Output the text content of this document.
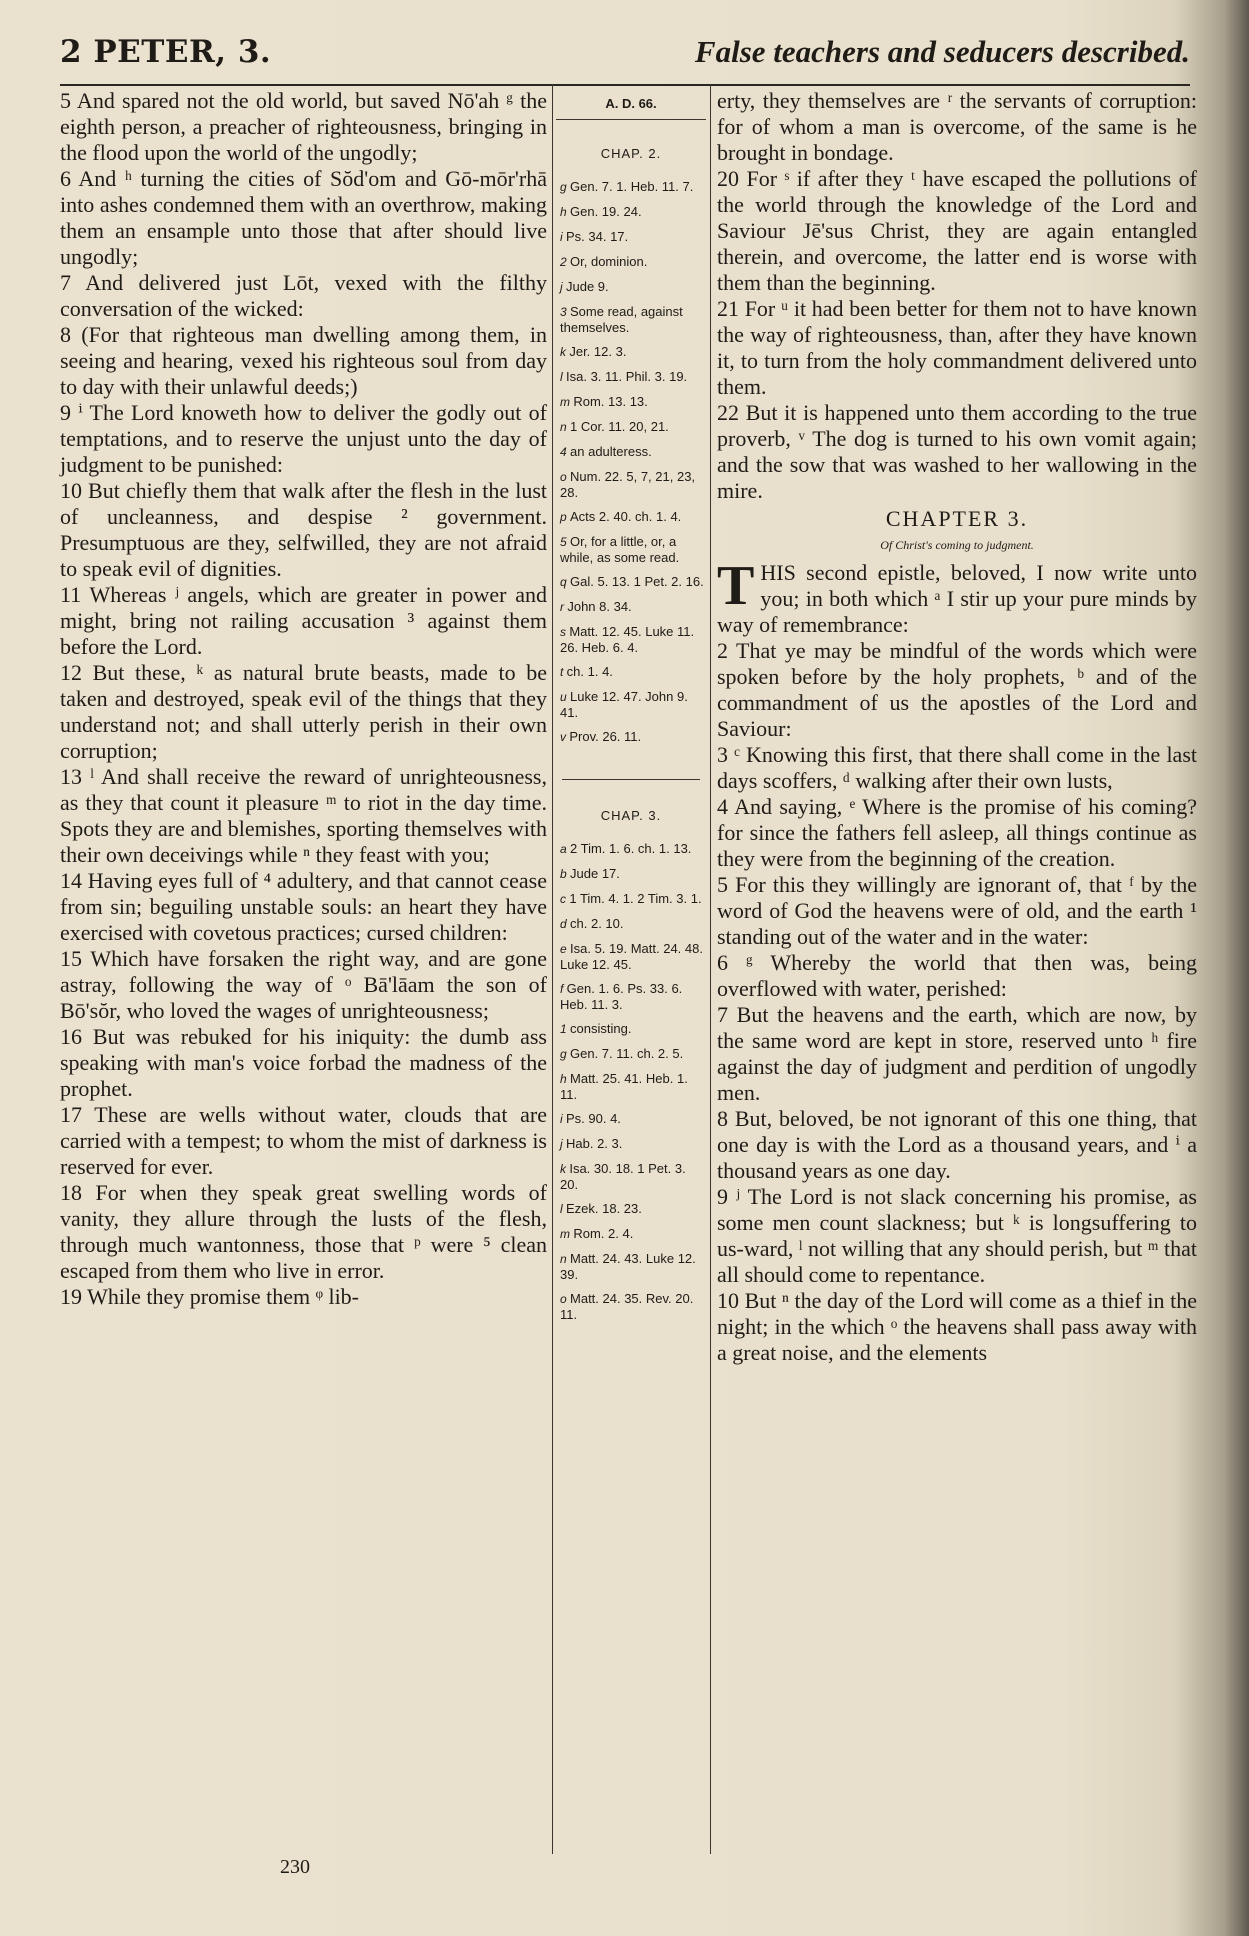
2 PETER, 3.	False teachers and seducers described.

5 And spared not the old world, but saved Nō'ah ᵍ the eighth person, a preacher of righteousness, bringing in the flood upon the world of the ungodly;

6 And ʰ turning the cities of Sŏd'om and Gō-mōr'rhā into ashes condemned them with an overthrow, making them an ensample unto those that after should live ungodly;

7 And delivered just Lōt, vexed with the filthy conversation of the wicked:

8 (For that righteous man dwelling among them, in seeing and hearing, vexed his righteous soul from day to day with their unlawful deeds;)

9 ⁱ The Lord knoweth how to deliver the godly out of temptations, and to reserve the unjust unto the day of judgment to be punished:

10 But chiefly them that walk after the flesh in the lust of uncleanness, and despise ² government. Presumptuous are they, selfwilled, they are not afraid to speak evil of dignities.

11 Whereas ʲ angels, which are greater in power and might, bring not railing accusation ³ against them before the Lord.

12 But these, ᵏ as natural brute beasts, made to be taken and destroyed, speak evil of the things that they understand not; and shall utterly perish in their own corruption;

13 ˡ And shall receive the reward of unrighteousness, as they that count it pleasure ᵐ to riot in the day time. Spots they are and blemishes, sporting themselves with their own deceivings while ⁿ they feast with you;

14 Having eyes full of ⁴ adultery, and that cannot cease from sin; beguiling unstable souls: an heart they have exercised with covetous practices; cursed children:

15 Which have forsaken the right way, and are gone astray, following the way of ᵒ Bā'lāam the son of Bō'sŏr, who loved the wages of unrighteousness;

16 But was rebuked for his iniquity: the dumb ass speaking with man's voice forbad the madness of the prophet.

17 These are wells without water, clouds that are carried with a tempest; to whom the mist of darkness is reserved for ever.

18 For when they speak great swelling words of vanity, they allure through the lusts of the flesh, through much wantonness, those that ᵖ were ⁵ clean escaped from them who live in error.

19 While they promise them ᵠ lib-

A. D. 66.
CHAP. 2.
g Gen. 7. 1. Heb. 11. 7.
h Gen. 19. 24.
i Ps. 34. 17.
2 Or, dominion.
j Jude 9.
3 Some read, against themselves.
k Jer. 12. 3.
l Isa. 3. 11. Phil. 3. 19.
m Rom. 13. 13.
n 1 Cor. 11. 20, 21.
4 an adulteress.
o Num. 22. 5, 7, 21, 23, 28.
p Acts 2. 40. ch. 1. 4.
5 Or, for a little, or, a while, as some read.
q Gal. 5. 13. 1 Pet. 2. 16.
r John 8. 34.
s Matt. 12. 45. Luke 11. 26. Heb. 6. 4.
t ch. 1. 4.
u Luke 12. 47. John 9. 41.
v Prov. 26. 11.
CHAP. 3.
a 2 Tim. 1. 6. ch. 1. 13.
b Jude 17.
c 1 Tim. 4. 1. 2 Tim. 3. 1.
d ch. 2. 10.
e Isa. 5. 19. Matt. 24. 48. Luke 12. 45.
f Gen. 1. 6. Ps. 33. 6. Heb. 11. 3.
1 consisting.
g Gen. 7. 11. ch. 2. 5.
h Matt. 25. 41. Heb. 1. 11.
i Ps. 90. 4.
j Hab. 2. 3.
k Isa. 30. 18. 1 Pet. 3. 20.
l Ezek. 18. 23.
m Rom. 2. 4.
n Matt. 24. 43. Luke 12. 39.
o Matt. 24. 35. Rev. 20. 11.

erty, they themselves are ʳ the servants of corruption: for of whom a man is overcome, of the same is he brought in bondage.

20 For ˢ if after they ᵗ have escaped the pollutions of the world through the knowledge of the Lord and Saviour Jē'sus Christ, they are again entangled therein, and overcome, the latter end is worse with them than the beginning.

21 For ᵘ it had been better for them not to have known the way of righteousness, than, after they have known it, to turn from the holy commandment delivered unto them.

22 But it is happened unto them according to the true proverb, ᵛ The dog is turned to his own vomit again; and the sow that was washed to her wallowing in the mire.

CHAPTER 3.
Of Christ's coming to judgment.

THIS second epistle, beloved, I now write unto you; in both which ᵃ I stir up your pure minds by way of remembrance:

2 That ye may be mindful of the words which were spoken before by the holy prophets, ᵇ and of the commandment of us the apostles of the Lord and Saviour:

3 ᶜ Knowing this first, that there shall come in the last days scoffers, ᵈ walking after their own lusts,

4 And saying, ᵉ Where is the promise of his coming? for since the fathers fell asleep, all things continue as they were from the beginning of the creation.

5 For this they willingly are ignorant of, that ᶠ by the word of God the heavens were of old, and the earth ¹ standing out of the water and in the water:

6 ᵍ Whereby the world that then was, being overflowed with water, perished:

7 But the heavens and the earth, which are now, by the same word are kept in store, reserved unto ʰ fire against the day of judgment and perdition of ungodly men.

8 But, beloved, be not ignorant of this one thing, that one day is with the Lord as a thousand years, and ⁱ a thousand years as one day.

9 ʲ The Lord is not slack concerning his promise, as some men count slackness; but ᵏ is longsuffering to us-ward, ˡ not willing that any should perish, but ᵐ that all should come to repentance.

10 But ⁿ the day of the Lord will come as a thief in the night; in the which ᵒ the heavens shall pass away with a great noise, and the elements

230
